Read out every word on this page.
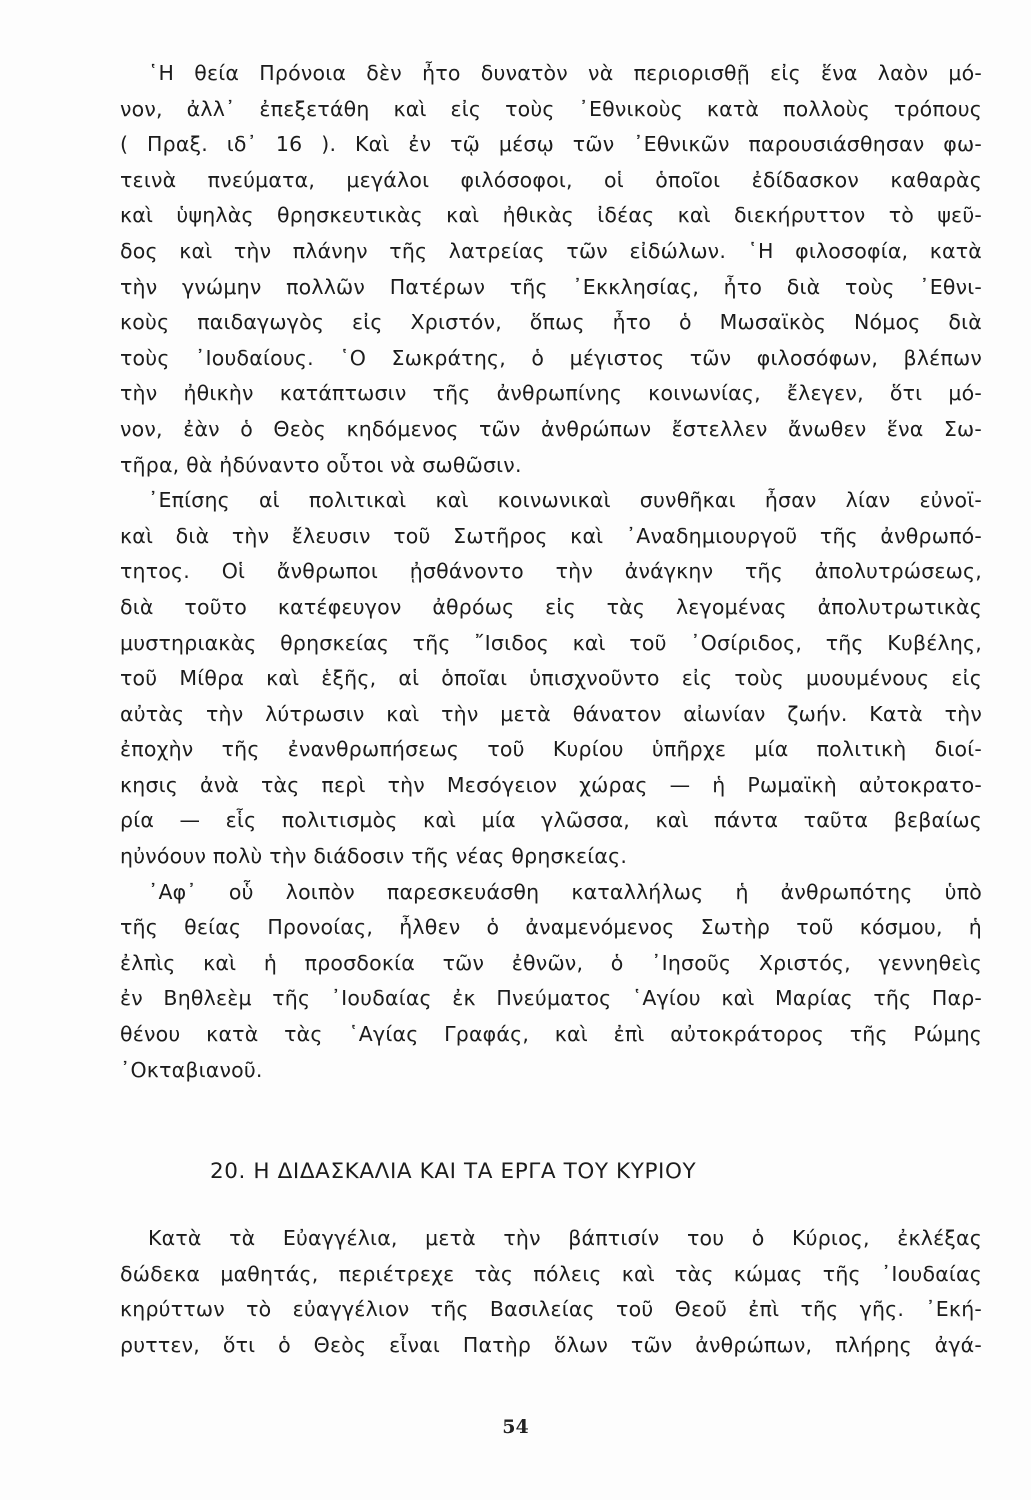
῾Η θεία Πρόνοια δὲν ἦτο δυνατὸν νὰ περιορισθῇ εἰς ἕνα λαὸν μό-
νον, ἀλλ᾿ ἐπεξετάθη καὶ εἰς τοὺς ᾿Εθνικοὺς κατὰ πολλοὺς τρόπους
( Πραξ. ιδ᾿ 16 ). Καὶ ἐν τῷ μέσῳ τῶν ᾿Εθνικῶν παρουσιάσθησαν φω-
τεινὰ πνεύματα, μεγάλοι φιλόσοφοι, οἱ ὁποῖοι ἐδίδασκον καθαρὰς
καὶ ὑψηλὰς θρησκευτικὰς καὶ ἠθικὰς ἰδέας καὶ διεκήρυττον τὸ ψεῦ-
δος καὶ τὴν πλάνην τῆς λατρείας τῶν εἰδώλων. ῾Η φιλοσοφία, κατὰ
τὴν γνώμην πολλῶν Πατέρων τῆς ᾿Εκκλησίας, ἦτο διὰ τοὺς ᾿Εθνι-
κοὺς παιδαγωγὸς εἰς Χριστόν, ὅπως ἦτο ὁ Μωσαϊκὸς Νόμος διὰ
τοὺς ᾿Ιουδαίους. ῾Ο Σωκράτης, ὁ μέγιστος τῶν φιλοσόφων, βλέπων
τὴν ἠθικὴν κατάπτωσιν τῆς ἀνθρωπίνης κοινωνίας, ἔλεγεν, ὅτι μό-
νον, ἐὰν ὁ Θεὸς κηδόμενος τῶν ἀνθρώπων ἔστελλεν ἄνωθεν ἕνα Σω-
τῆρα, θὰ ἠδύναντο οὗτοι νὰ σωθῶσιν.
᾿Επίσης αἱ πολιτικαὶ καὶ κοινωνικαὶ συνθῆκαι ἦσαν λίαν εὐνοϊ-
καὶ διὰ τὴν ἔλευσιν τοῦ Σωτῆρος καὶ ᾿Αναδημιουργοῦ τῆς ἀνθρωπό-
τητος. Οἱ ἄνθρωποι ᾐσθάνοντο τὴν ἀνάγκην τῆς ἀπολυτρώσεως,
διὰ τοῦτο κατέφευγον ἀθρόως εἰς τὰς λεγομένας ἀπολυτρωτικὰς
μυστηριακὰς θρησκείας τῆς ῎Ισιδος καὶ τοῦ ᾿Οσίριδος, τῆς Κυβέλης,
τοῦ Μίθρα καὶ ἑξῆς, αἱ ὁποῖαι ὑπισχνοῦντο εἰς τοὺς μυουμένους εἰς
αὐτὰς τὴν λύτρωσιν καὶ τὴν μετὰ θάνατον αἰωνίαν ζωήν. Κατὰ τὴν
ἐποχὴν τῆς ἐνανθρωπήσεως τοῦ Κυρίου ὑπῆρχε μία πολιτικὴ διοί-
κησις ἀνὰ τὰς περὶ τὴν Μεσόγειον χώρας — ἡ Ρωμαϊκὴ αὐτοκρατο-
ρία — εἷς πολιτισμὸς καὶ μία γλῶσσα, καὶ πάντα ταῦτα βεβαίως
ηὐνόουν πολὺ τὴν διάδοσιν τῆς νέας θρησκείας.
᾿Αφ᾿ οὗ λοιπὸν παρεσκευάσθη καταλλήλως ἡ ἀνθρωπότης ὑπὸ
τῆς θείας Προνοίας, ἦλθεν ὁ ἀναμενόμενος Σωτὴρ τοῦ κόσμου, ἡ
ἐλπὶς καὶ ἡ προσδοκία τῶν ἐθνῶν, ὁ ᾿Ιησοῦς Χριστός, γεννηθεὶς
ἐν Βηθλεὲμ τῆς ᾿Ιουδαίας ἐκ Πνεύματος ῾Αγίου καὶ Μαρίας τῆς Παρ-
θένου κατὰ τὰς ῾Αγίας Γραφάς, καὶ ἐπὶ αὐτοκράτορος τῆς Ρώμης
᾿Οκταβιανοῦ.
20. Η ΔΙΔΑΣΚΑΛΙΑ ΚΑΙ ΤΑ ΕΡΓΑ ΤΟΥ ΚΥΡΙΟΥ
Κατὰ τὰ Εὐαγγέλια, μετὰ τὴν βάπτισίν του ὁ Κύριος, ἐκλέξας
δώδεκα μαθητάς, περιέτρεχε τὰς πόλεις καὶ τὰς κώμας τῆς ᾿Ιουδαίας
κηρύττων τὸ εὐαγγέλιον τῆς Βασιλείας τοῦ Θεοῦ ἐπὶ τῆς γῆς. ᾿Εκή-
ρυττεν, ὅτι ὁ Θεὸς εἶναι Πατὴρ ὅλων τῶν ἀνθρώπων, πλήρης ἀγά-
54
